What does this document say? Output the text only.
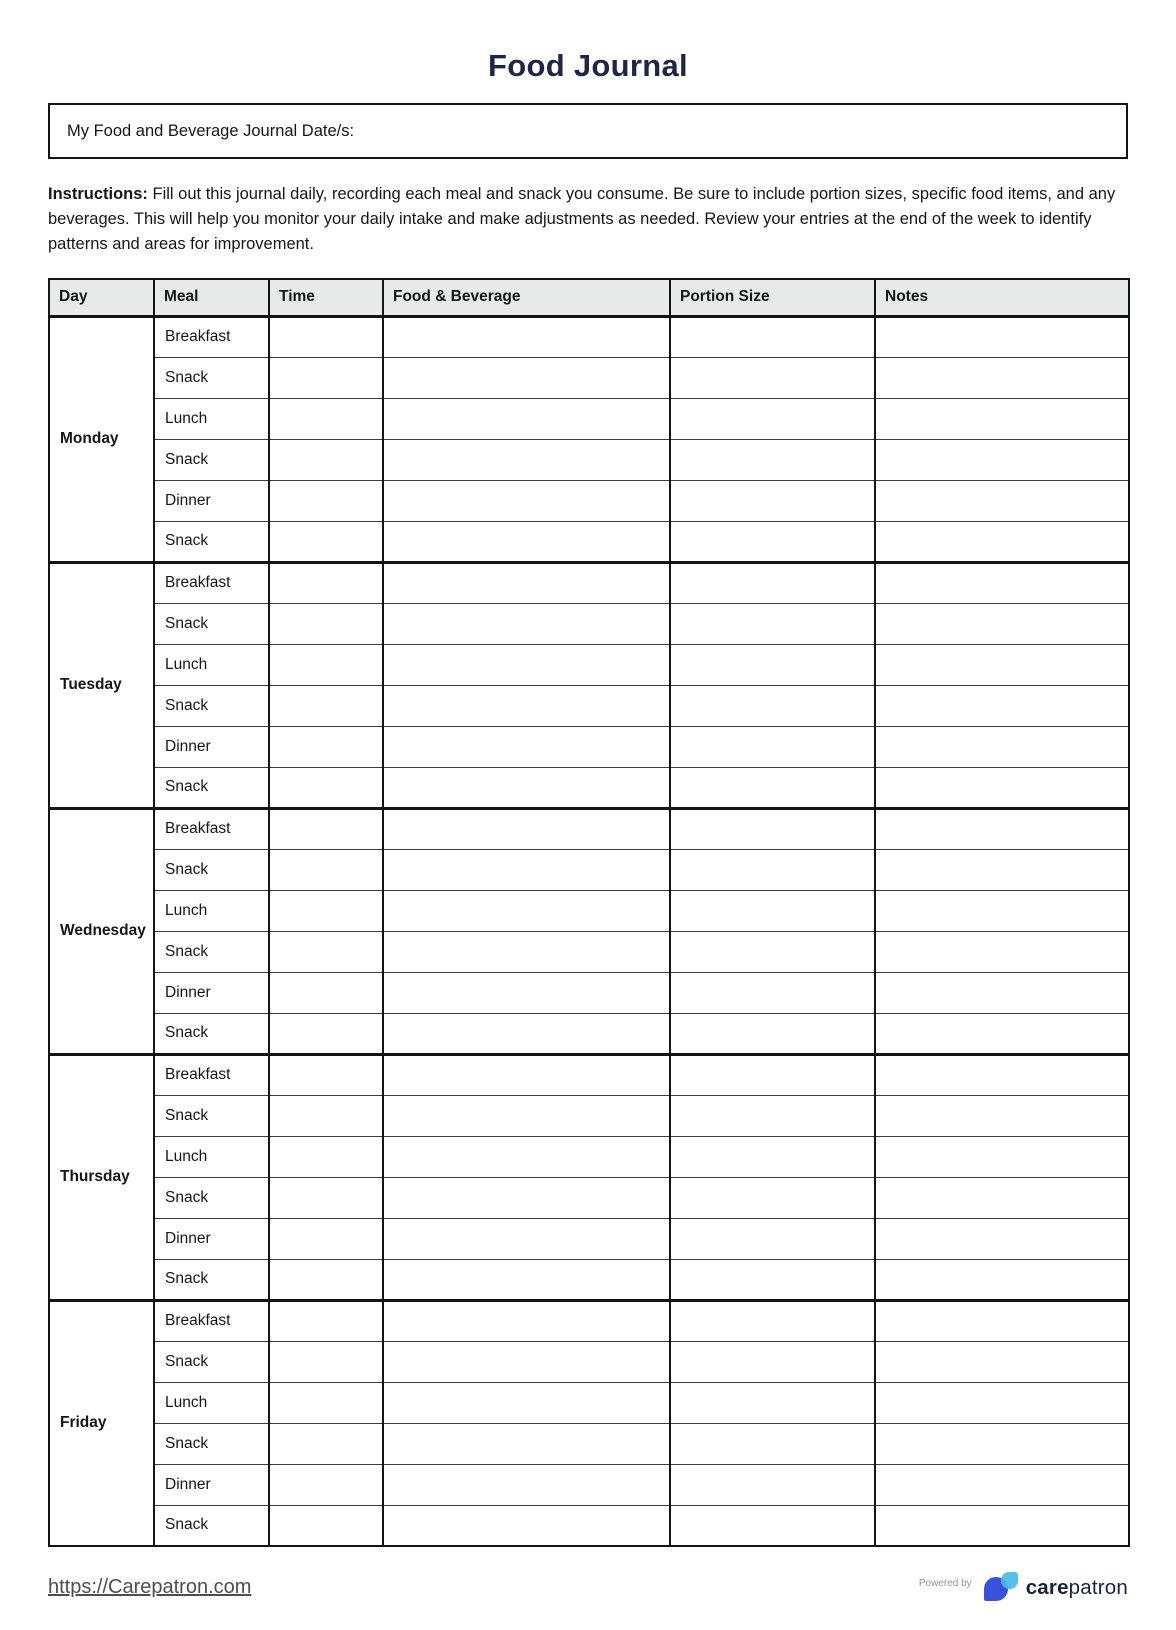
Food Journal
My Food and Beverage Journal Date/s:

Instructions: Fill out this journal daily, recording each meal and snack you consume. Be sure to include portion sizes, specific food items, and any beverages. This will help you monitor your daily intake and make adjustments as needed. Review your entries at the end of the week to identify patterns and areas for improvement.

Day	Meal	Time	Food & Beverage	Portion Size	Notes
Monday	Breakfast				
	Snack				
	Lunch				
	Snack				
	Dinner				
	Snack				
Tuesday	Breakfast				
	Snack				
	Lunch				
	Snack				
	Dinner				
	Snack				
Wednesday	Breakfast				
	Snack				
	Lunch				
	Snack				
	Dinner				
	Snack				
Thursday	Breakfast				
	Snack				
	Lunch				
	Snack				
	Dinner				
	Snack				
Friday	Breakfast				
	Snack				
	Lunch				
	Snack				
	Dinner				
	Snack				
https://Carepatron.com	Powered by	carepatron
